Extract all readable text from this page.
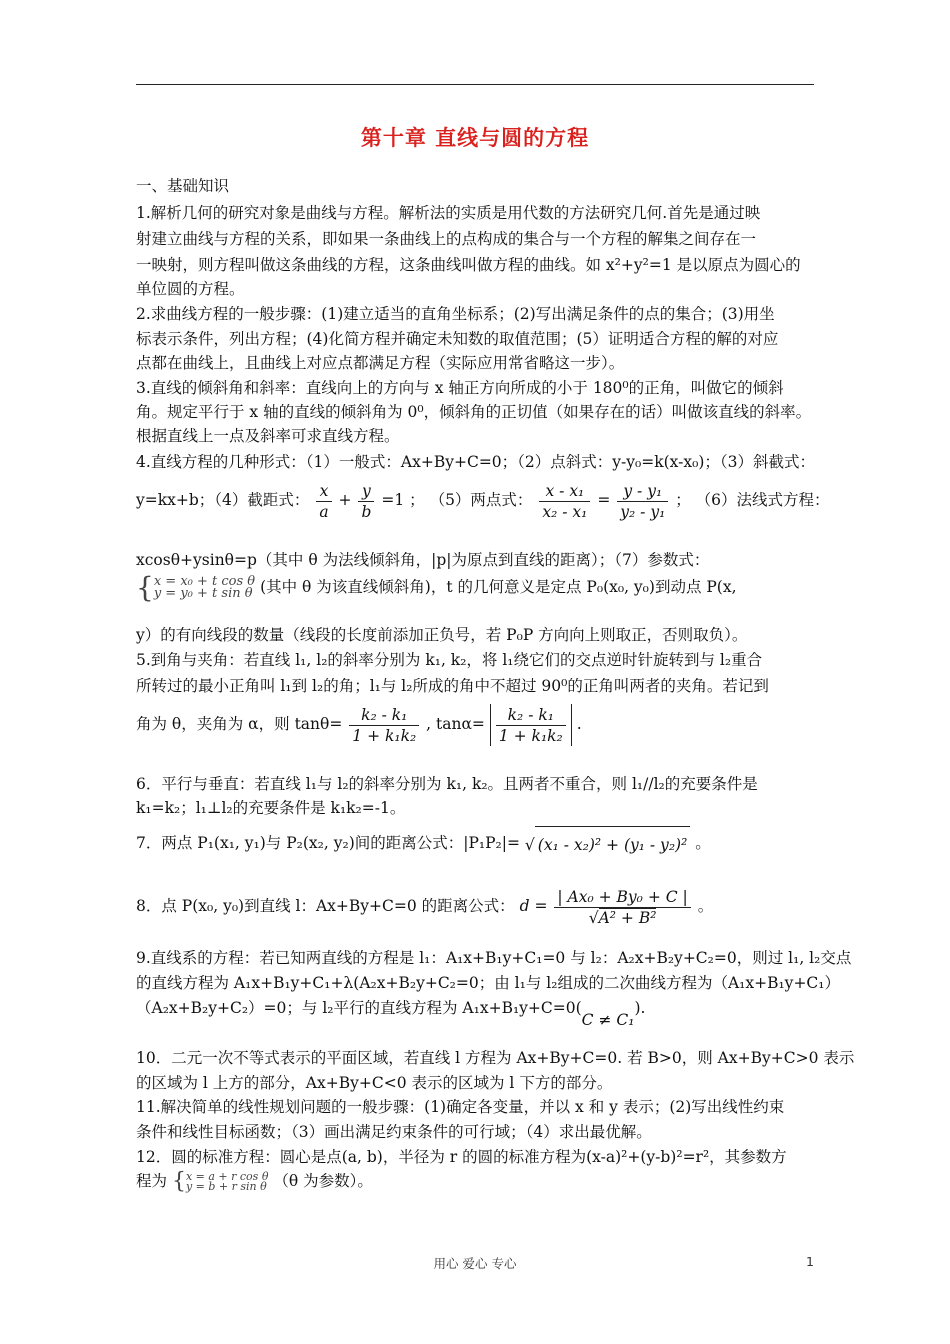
第十章 直线与圆的方程
一、基础知识
1.解析几何的研究对象是曲线与方程。解析法的实质是用代数的方法研究几何.首先是通过映
射建立曲线与方程的关系，即如果一条曲线上的点构成的集合与一个方程的解集之间存在一
一映射，则方程叫做这条曲线的方程，这条曲线叫做方程的曲线。如 x²+y²=1 是以原点为圆心的
单位圆的方程。
2.求曲线方程的一般步骤：(1)建立适当的直角坐标系；(2)写出满足条件的点的集合；(3)用坐
标表示条件，列出方程；(4)化简方程并确定未知数的取值范围；(5）证明适合方程的解的对应
点都在曲线上，且曲线上对应点都满足方程（实际应用常省略这一步）。
3.直线的倾斜角和斜率：直线向上的方向与 x 轴正方向所成的小于 180⁰的正角，叫做它的倾斜
角。规定平行于 x 轴的直线的倾斜角为 0⁰，倾斜角的正切值（如果存在的话）叫做该直线的斜率。
根据直线上一点及斜率可求直线方程。
4.直线方程的几种形式：（1）一般式：Ax+By+C=0；（2）点斜式：y-y₀=k(x-x₀)；（3）斜截式：
y=kx+b；（4）截距式： $\frac{x}{a} + \frac{y}{b} =1$ ； （5）两点式： $\frac{\text{x - x₁}}{\text{x₂ - x₁}} = \frac{\text{y - y₁}}{\text{y₂ - y₁}}$ ； （6）法线式方程：
xcosθ+ysinθ=p（其中 θ 为法线倾斜角，|p|为原点到直线的距离）；（7）参数式：
{ x = x₀ + t cos θ
y = y₀ + t sin θ (其中 θ 为该直线倾斜角)，t 的几何意义是定点 P₀(x₀, y₀)到动点 P(x,
y）的有向线段的数量（线段的长度前添加正负号，若 P₀P 方向向上则取正，否则取负）。
5.到角与夹角：若直线 l₁, l₂的斜率分别为 k₁, k₂，将 l₁绕它们的交点逆时针旋转到与 l₂重合
所转过的最小正角叫 l₁到 l₂的角；l₁与 l₂所成的角中不超过 90⁰的正角叫两者的夹角。若记到
角为 θ，夹角为 α，则 $\tan\theta= \frac{\text{k₂ - k₁}}{\text{1 + k₁k₂}}$ , $\tan\alpha= \frac{\text{k₂ - k₁}}{\text{1 + k₁k₂}}$ .
6．平行与垂直：若直线 l₁与 l₂的斜率分别为 k₁, k₂。且两者不重合，则 l₁//l₂的充要条件是
k₁=k₂；l₁⊥l₂的充要条件是 k₁k₂=-1。
7．两点 P₁(x₁, y₁)与 P₂(x₂, y₂)间的距离公式：|P₁P₂|= √ (x₁ - x₂)² + (y₁ - y₂)² 。
8．点 P(x₀, y₀)到直线 l：Ax+By+C=0 的距离公式： $d = \frac{\text{| Ax₀ + By₀ + C |}}{\text{√A² + B²}}$ 。
9.直线系的方程：若已知两直线的方程是 l₁：A₁x+B₁y+C₁=0 与 l₂：A₂x+B₂y+C₂=0，则过 l₁, l₂交点
的直线方程为 A₁x+B₁y+C₁+λ(A₂x+B₂y+C₂=0；由 l₁与 l₂组成的二次曲线方程为（A₁x+B₁y+C₁）
（A₂x+B₂y+C₂）=0；与 l₂平行的直线方程为 A₁x+B₁y+C=0(C ≠ C₁).
10．二元一次不等式表示的平面区域，若直线 l 方程为 Ax+By+C=0. 若 B>0，则 Ax+By+C>0 表示
的区域为 l 上方的部分，Ax+By+C<0 表示的区域为 l 下方的部分。
11.解决简单的线性规划问题的一般步骤：(1)确定各变量，并以 x 和 y 表示；(2)写出线性约束
条件和线性目标函数；（3）画出满足约束条件的可行域；（4）求出最优解。
12．圆的标准方程：圆心是点(a, b)，半径为 r 的圆的标准方程为(x-a)²+(y-b)²=r²，其参数方
程为 { x = a + r cos θ
y = b + r sin θ （θ 为参数）。
用心 爱心 专心	1
